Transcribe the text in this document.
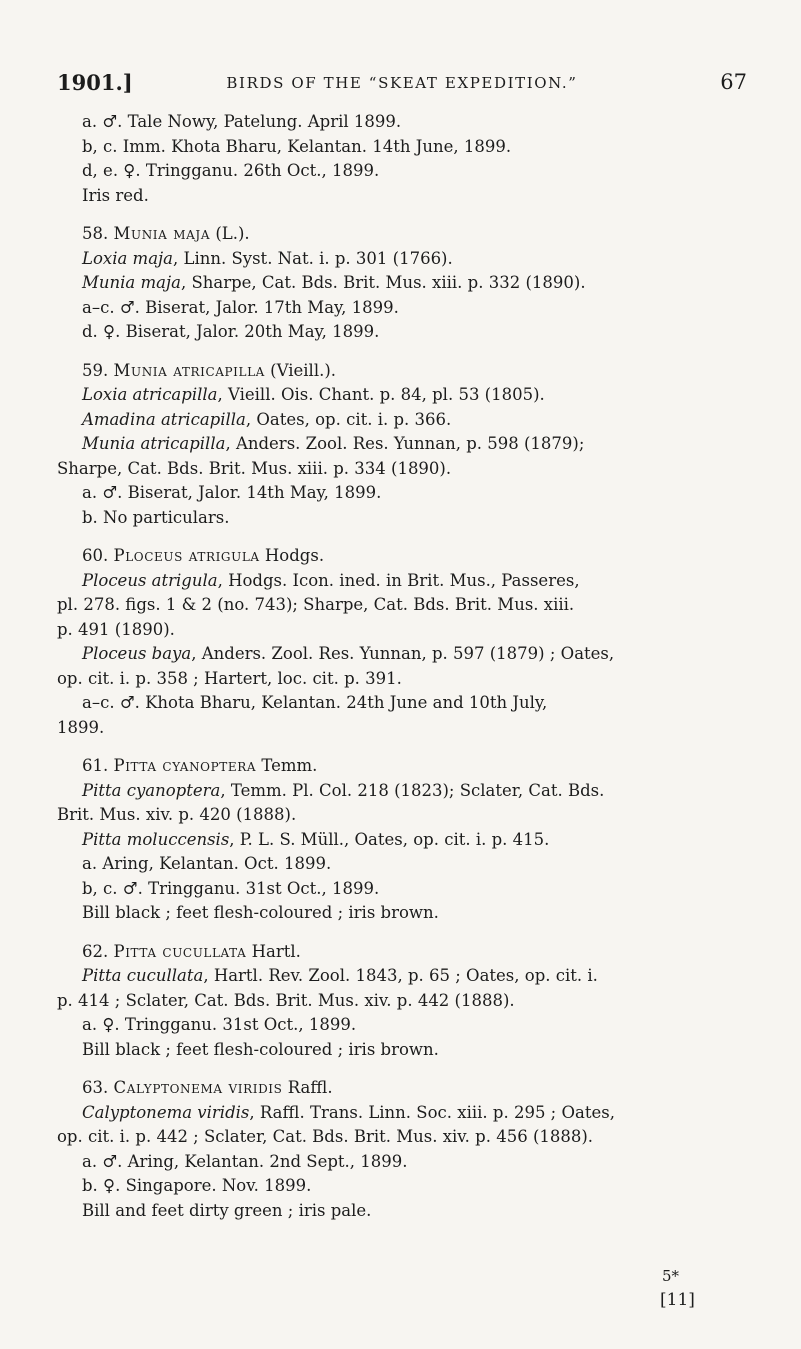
1901.]	BIRDS OF THE “SKEAT EXPEDITION.”	67
a. ♂. Tale Nowy, Patelung. April 1899.
b, c. Imm. Khota Bharu, Kelantan. 14th June, 1899.
d, e. ♀. Tringganu. 26th Oct., 1899.
Iris red.
58. Munia maja (L.).
Loxia maja, Linn. Syst. Nat. i. p. 301 (1766).
Munia maja, Sharpe, Cat. Bds. Brit. Mus. xiii. p. 332 (1890).
a–c. ♂. Biserat, Jalor. 17th May, 1899.
d. ♀. Biserat, Jalor. 20th May, 1899.
59. Munia atricapilla (Vieill.).
Loxia atricapilla, Vieill. Ois. Chant. p. 84, pl. 53 (1805).
Amadina atricapilla, Oates, op. cit. i. p. 366.
Munia atricapilla, Anders. Zool. Res. Yunnan, p. 598 (1879);
Sharpe, Cat. Bds. Brit. Mus. xiii. p. 334 (1890).
a. ♂. Biserat, Jalor. 14th May, 1899.
b. No particulars.
60. Ploceus atrigula Hodgs.
Ploceus atrigula, Hodgs. Icon. ined. in Brit. Mus., Passeres,
pl. 278. figs. 1 & 2 (no. 743); Sharpe, Cat. Bds. Brit. Mus. xiii.
p. 491 (1890).
Ploceus baya, Anders. Zool. Res. Yunnan, p. 597 (1879) ; Oates,
op. cit. i. p. 358 ; Hartert, loc. cit. p. 391.
a–c. ♂. Khota Bharu, Kelantan. 24th June and 10th July,
1899.
61. Pitta cyanoptera Temm.
Pitta cyanoptera, Temm. Pl. Col. 218 (1823); Sclater, Cat. Bds.
Brit. Mus. xiv. p. 420 (1888).
Pitta moluccensis, P. L. S. Müll., Oates, op. cit. i. p. 415.
a. Aring, Kelantan. Oct. 1899.
b, c. ♂. Tringganu. 31st Oct., 1899.
Bill black ; feet flesh-coloured ; iris brown.
62. Pitta cucullata Hartl.
Pitta cucullata, Hartl. Rev. Zool. 1843, p. 65 ; Oates, op. cit. i.
p. 414 ; Sclater, Cat. Bds. Brit. Mus. xiv. p. 442 (1888).
a. ♀. Tringganu. 31st Oct., 1899.
Bill black ; feet flesh-coloured ; iris brown.
63. Calyptonema viridis Raffl.
Calyptonema viridis, Raffl. Trans. Linn. Soc. xiii. p. 295 ; Oates,
op. cit. i. p. 442 ; Sclater, Cat. Bds. Brit. Mus. xiv. p. 456 (1888).
a. ♂. Aring, Kelantan. 2nd Sept., 1899.
b. ♀. Singapore. Nov. 1899.
Bill and feet dirty green ; iris pale.
5*
[11]
